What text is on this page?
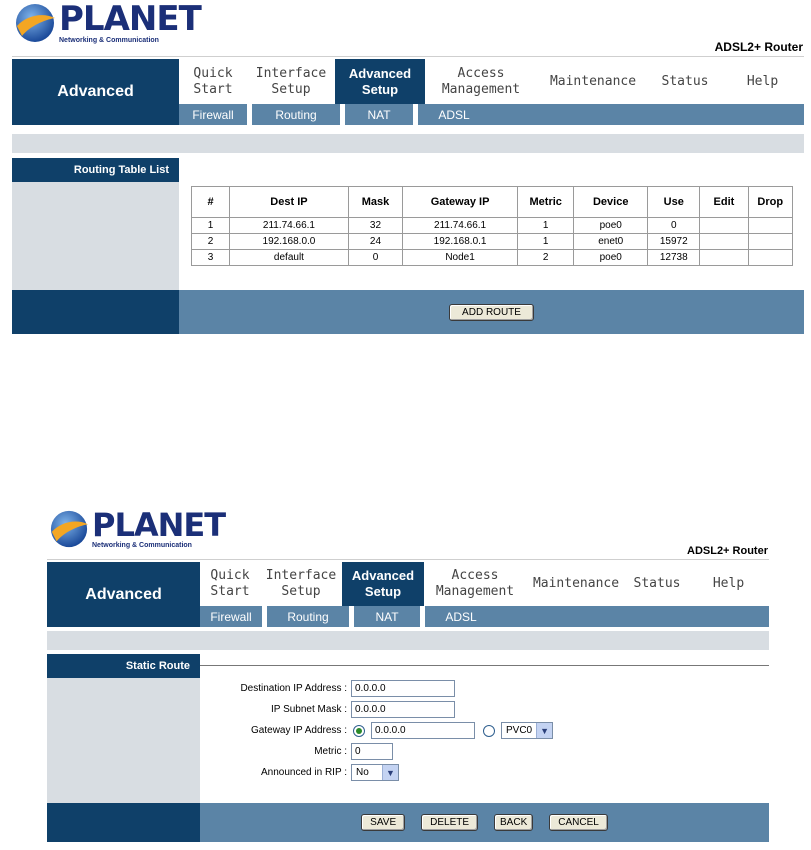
PLANET
Networking & Communication	ADSL2+ Router
Advanced
Quick
Start
Interface
Setup
Advanced
Setup
Access
Management
Maintenance	Status	Help
Firewall	Routing	NAT	ADSL
Routing Table List
#	Dest IP	Mask	Gateway IP	Metric	Device	Use	Edit	Drop
1	211.74.66.1	32	211.74.66.1	1	poe0	0		
2	192.168.0.0	24	192.168.0.1	1	enet0	15972		
3	default	0	Node1	2	poe0	12738		
ADD ROUTE
PLANET
Networking & Communication	ADSL2+ Router
Advanced
Quick
Start
Interface
Setup
Advanced
Setup
Access
Management
Maintenance	Status	Help
Firewall	Routing	NAT	ADSL
Static Route
Destination IP Address :
0.0.0.0
IP Subnet Mask :
0.0.0.0
Gateway IP Address :
0.0.0.0	PVC0 ▼
Metric :
0
Announced in RIP : No	▼
SAVE	DELETE	BACK	CANCEL
